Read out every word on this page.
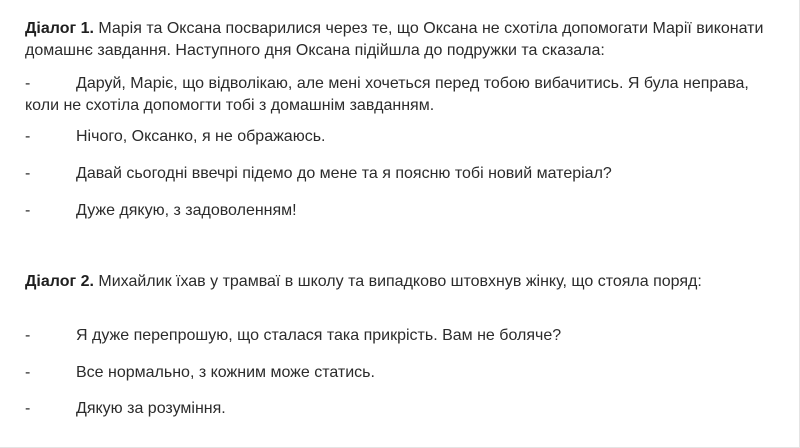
Діалог 1. Марія та Оксана посварилися через те, що Оксана не схотіла допомогати Марії виконати домашнє завдання. Наступного дня Оксана підійшла до подружки та сказала:

-	Даруй, Маріє, що відволікаю, але мені хочеться перед тобою вибачитись. Я була неправа, коли не схотіла допомогти тобі з домашнім завданням.
-	Нічого, Оксанко, я не ображаюсь.
-	Давай сьогодні ввечрі підемо до мене та я поясню тобі новий матеріал?
-	Дуже дякую, з задоволенням!

Діалог 2. Михайлик їхав у трамваї в школу та випадково штовхнув жінку, що стояла поряд:

-	Я дуже перепрошую, що сталася така прикрість. Вам не боляче?
-	Все нормально, з кожним може статись.
-	Дякую за розуміння.
